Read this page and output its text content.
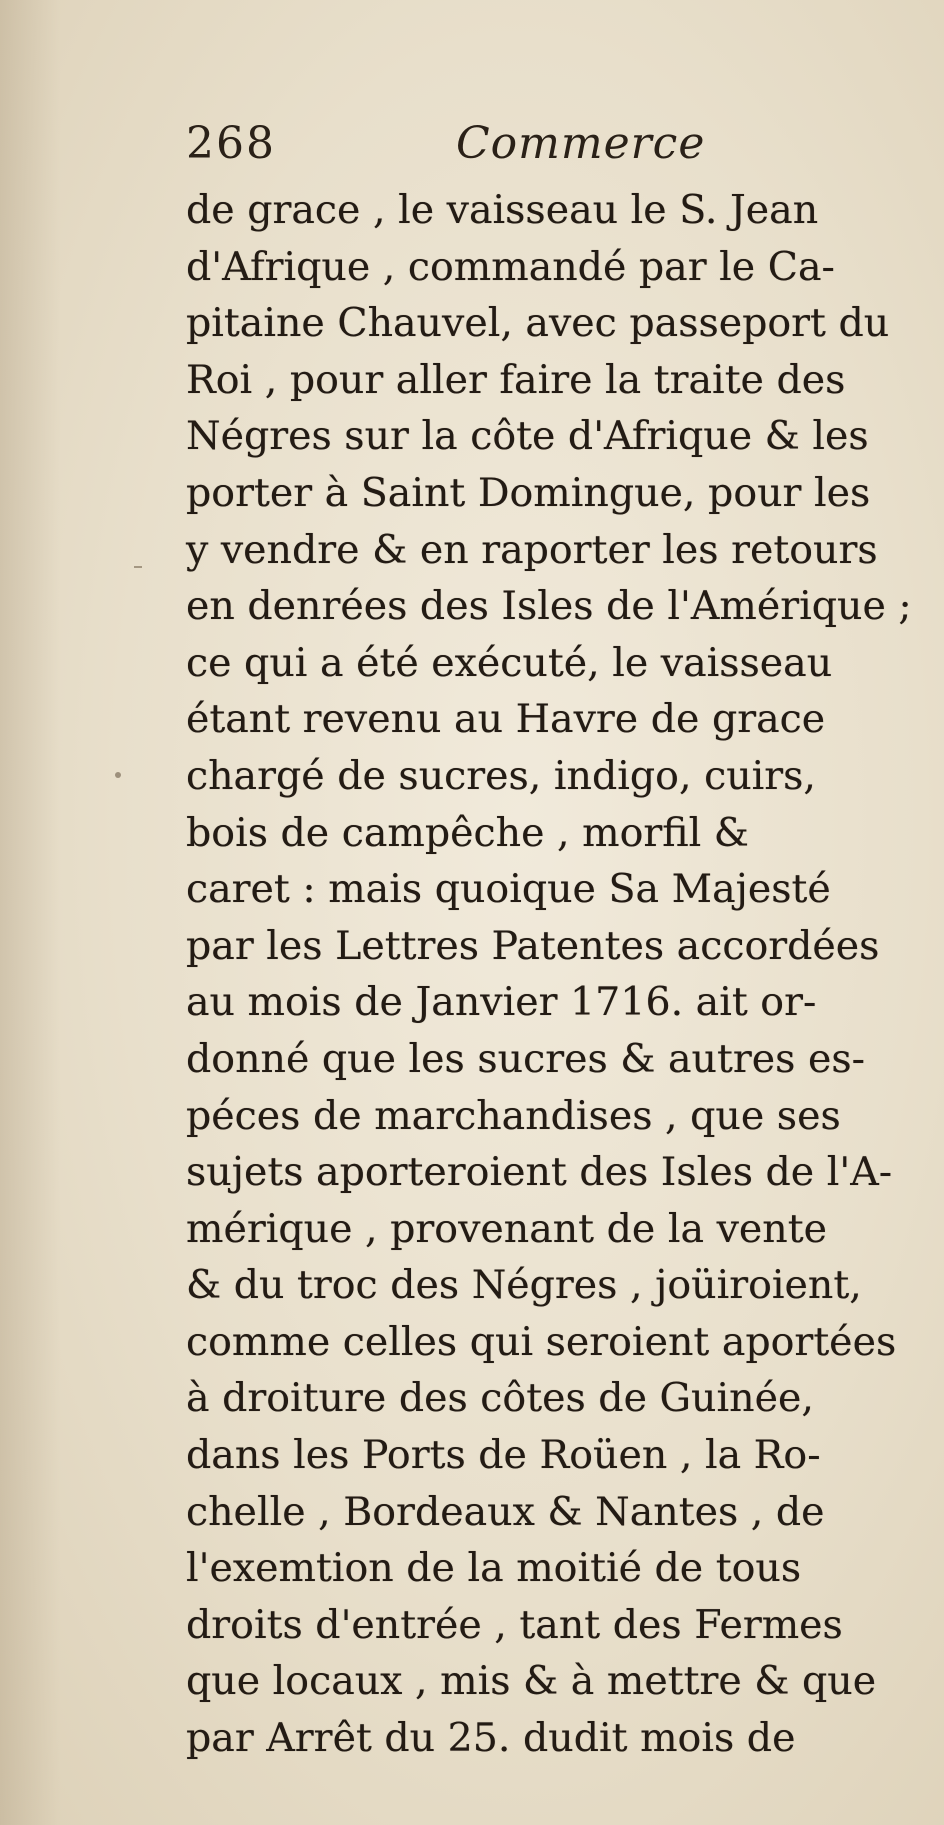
268	Commerce
de grace , le vaisseau le S. Jean
d'Afrique , commandé par le Ca-
pitaine Chauvel, avec passeport du
Roi , pour aller faire la traite des
Négres sur la côte d'Afrique & les
porter à Saint Domingue, pour les
y vendre & en raporter les retours
en denrées des Isles de l'Amérique ;
ce qui a été exécuté, le vaisseau
étant revenu au Havre de grace
chargé de sucres, indigo, cuirs,
bois de campêche , morfil &
caret : mais quoique Sa Majesté
par les Lettres Patentes accordées
au mois de Janvier 1716. ait or-
donné que les sucres & autres es-
péces de marchandises , que ses
sujets aporteroient des Isles de l'A-
mérique , provenant de la vente
& du troc des Négres , joüiroient,
comme celles qui seroient aportées
à droiture des côtes de Guinée,
dans les Ports de Roüen , la Ro-
chelle , Bordeaux & Nantes , de
l'exemtion de la moitié de tous
droits d'entrée , tant des Fermes
que locaux , mis & à mettre & que
par Arrêt du 25. dudit mois de
